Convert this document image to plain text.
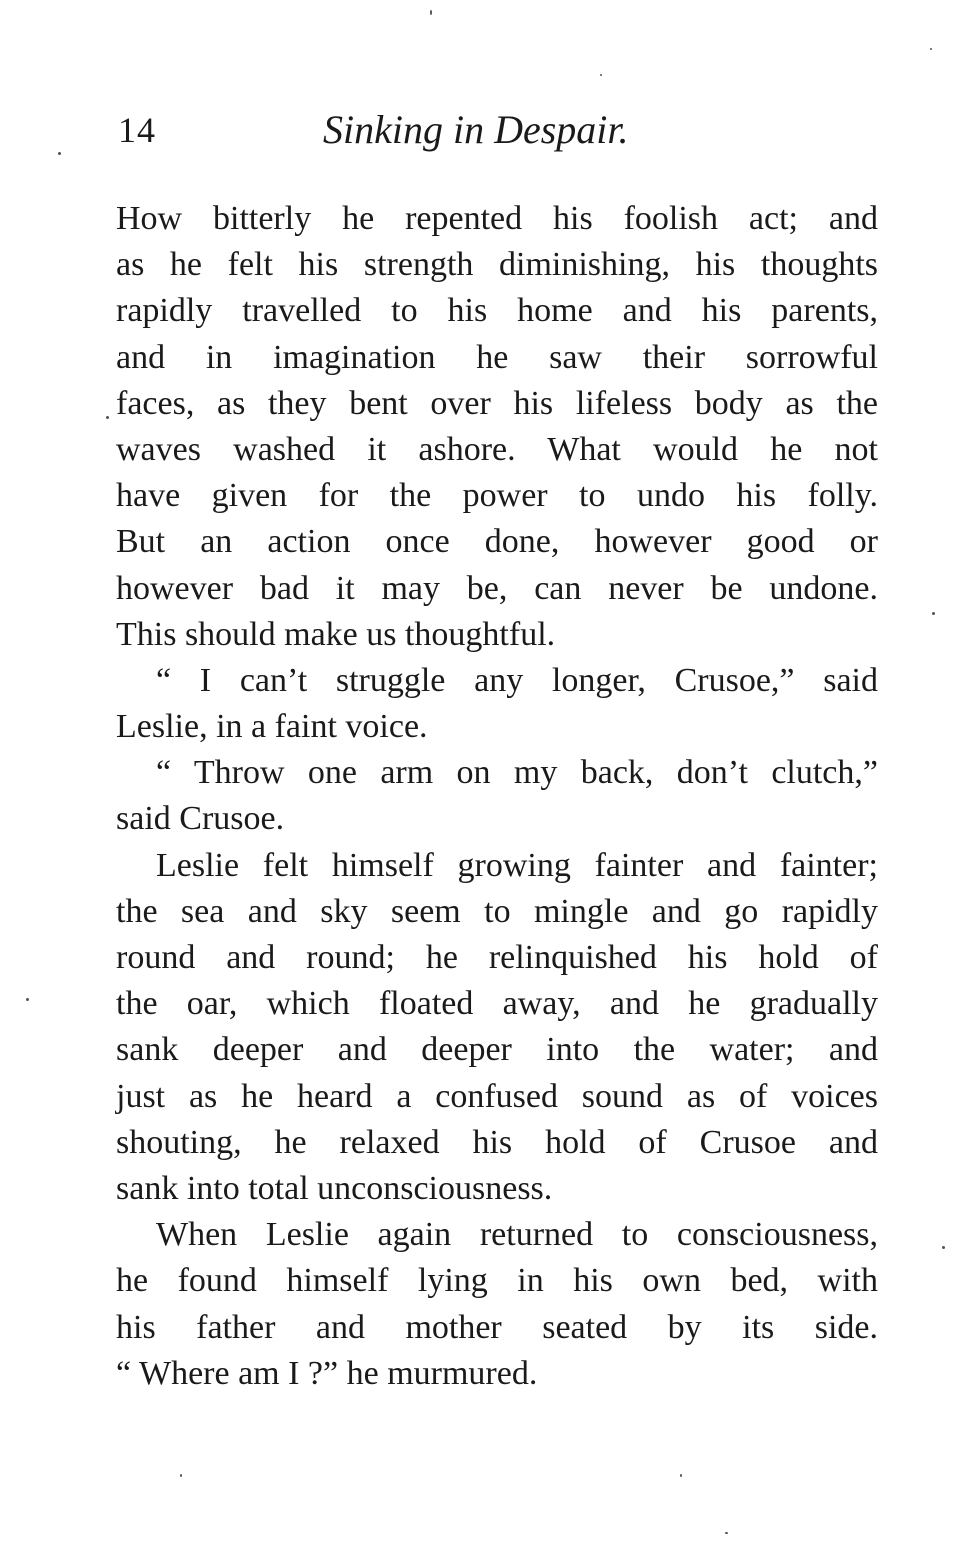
14	Sinking in Despair.
How bitterly he repented his foolish act; and
as he felt his strength diminishing, his thoughts
rapidly travelled to his home and his parents,
and in imagination he saw their sorrowful
faces, as they bent over his lifeless body as the
waves washed it ashore. What would he not
have given for the power to undo his folly.
But an action once done, however good or
however bad it may be, can never be undone.
This should make us thoughtful.
“ I can’t struggle any longer, Crusoe,” said
Leslie, in a faint voice.
“ Throw one arm on my back, don’t clutch,”
said Crusoe.
Leslie felt himself growing fainter and fainter;
the sea and sky seem to mingle and go rapidly
round and round; he relinquished his hold of
the oar, which floated away, and he gradually
sank deeper and deeper into the water; and
just as he heard a confused sound as of voices
shouting, he relaxed his hold of Crusoe and
sank into total unconsciousness.
When Leslie again returned to consciousness,
he found himself lying in his own bed, with
his father and mother seated by its side.
“ Where am I ?” he murmured.
